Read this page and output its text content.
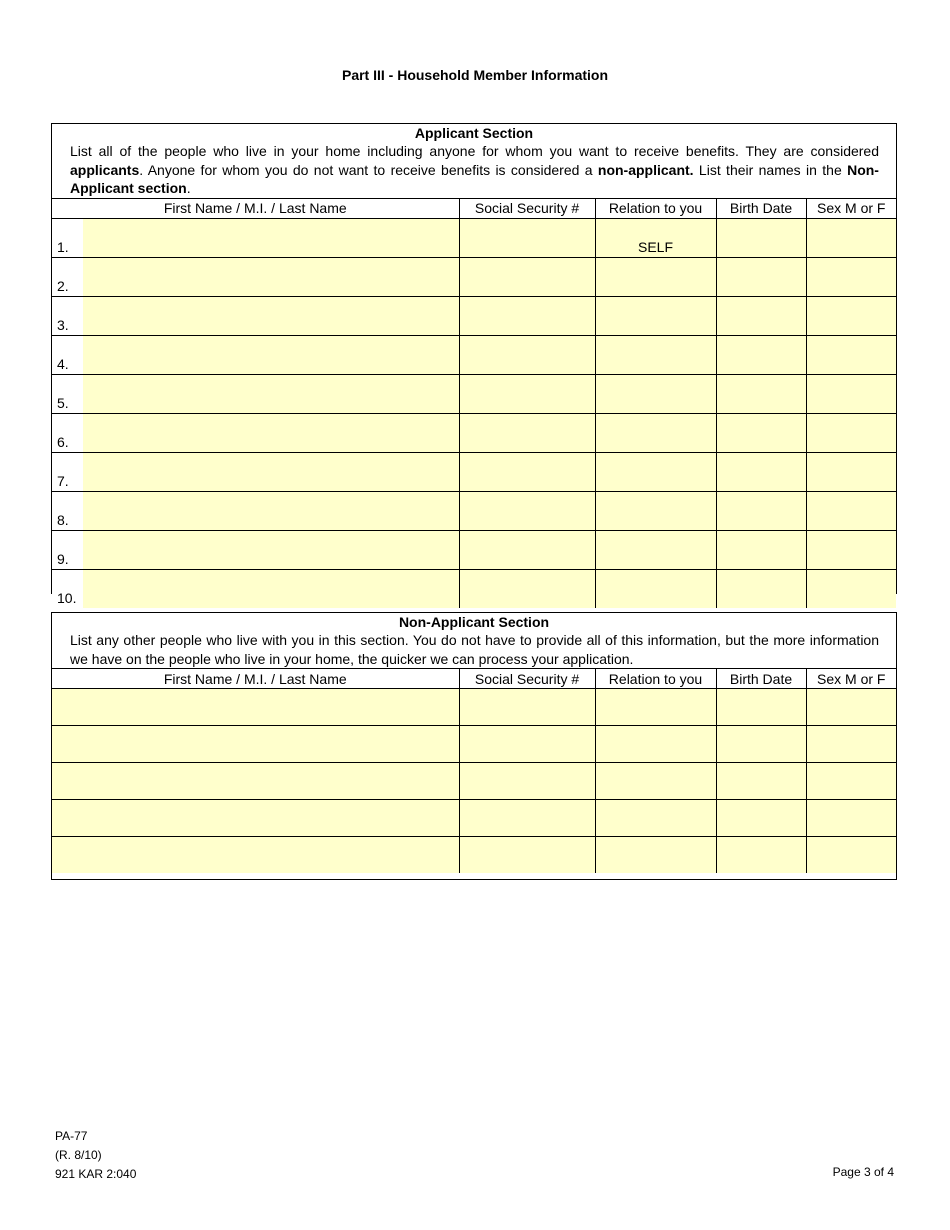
Part III - Household Member Information
Applicant Section
List all of the people who live in your home including anyone for whom you want to receive benefits. They are considered applicants. Anyone for whom you do not want to receive benefits is considered a non-applicant. List their names in the Non-Applicant section.
First Name / M.I. / Last Name		Social Security #	Relation to you	Birth Date	Sex M or F
1.			SELF		
2.					
3.					
4.					
5.					
6.					
7.					
8.					
9.					
10.					
Non-Applicant Section
List any other people who live with you in this section. You do not have to provide all of this information, but the more information we have on the people who live in your home, the quicker we can process your application.
First Name / M.I. / Last Name	Social Security #	Relation to you	Birth Date	Sex M or F

PA-77
(R. 8/10)
921 KAR 2:040	Page 3 of 4
